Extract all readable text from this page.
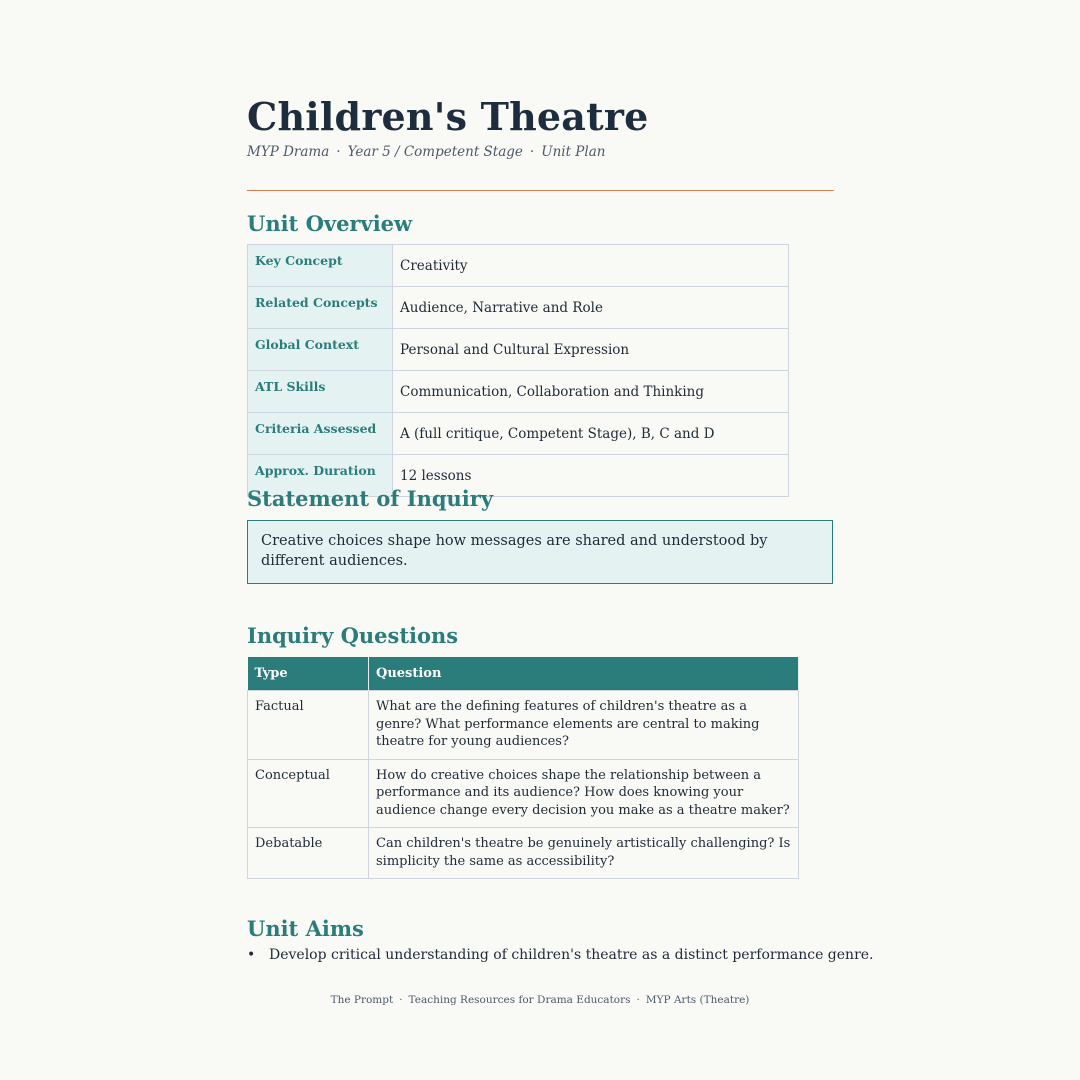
Children's Theatre
MYP Drama · Year 5 / Competent Stage · Unit Plan
Unit Overview
Key Concept	Creativity
Related Concepts	Audience, Narrative and Role
Global Context	Personal and Cultural Expression
ATL Skills	Communication, Collaboration and Thinking
Criteria Assessed	A (full critique, Competent Stage), B, C and D
Approx. Duration	12 lessons
Statement of Inquiry
Creative choices shape how messages are shared and understood by different audiences.
Inquiry Questions
Type	Question
Factual	What are the defining features of children's theatre as a genre? What performance elements are central to making theatre for young audiences?
Conceptual	How do creative choices shape the relationship between a performance and its audience? How does knowing your audience change every decision you make as a theatre maker?
Debatable	Can children's theatre be genuinely artistically challenging? Is simplicity the same as accessibility?
Unit Aims
• Develop critical understanding of children's theatre as a distinct performance genre.
The Prompt · Teaching Resources for Drama Educators · MYP Arts (Theatre)
